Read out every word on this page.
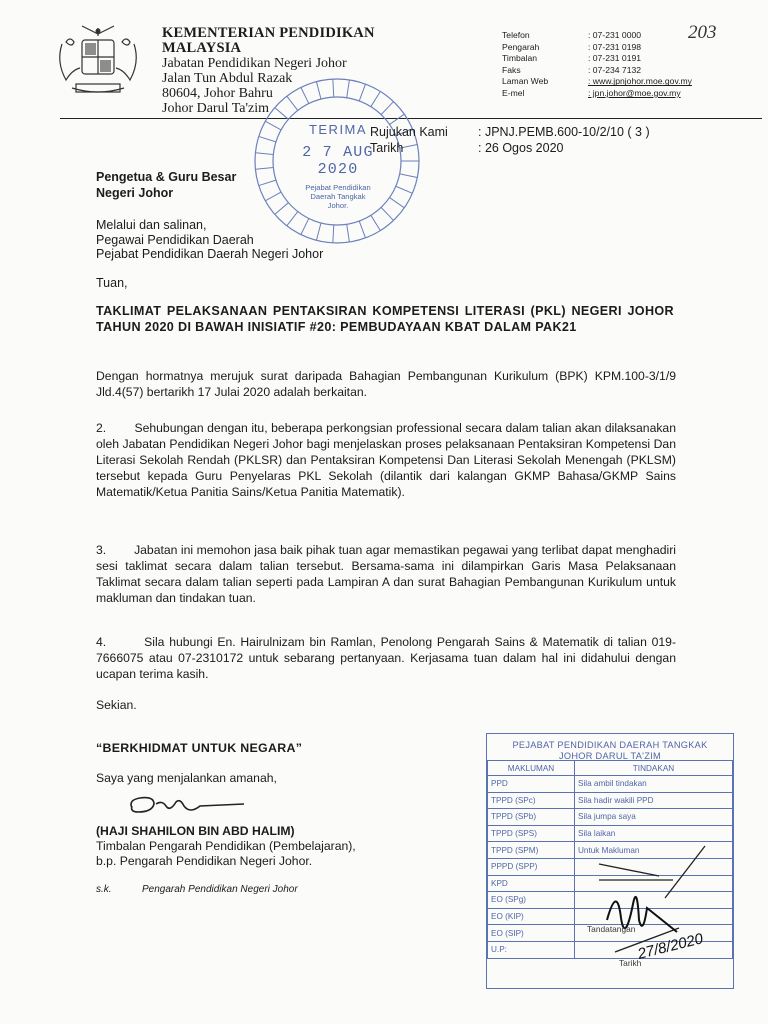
KEMENTERIAN PENDIDIKAN
MALAYSIA
Jabatan Pendidikan Negeri Johor
Jalan Tun Abdul Razak
80604, Johor Bahru
Johor Darul Ta'zim
Telefon	: 07-231 0000
Pengarah	: 07-231 0198
Timbalan	: 07-231 0191
Faks	: 07-234 7132
Laman Web	: www.jpnjohor.moe.gov.my
E-mel	: jpn.johor@moe.gov.my
203
TERIMA
2 7 AUG 2020
Pejabat Pendidikan
Daerah Tangkak
Johor.
Rujukan Kami	: JPNJ.PEMB.600-10/2/10 ( 3 )
Tarikh	: 26 Ogos 2020
Pengetua & Guru Besar
Negeri Johor
Melalui dan salinan,
Pegawai Pendidikan Daerah
Pejabat Pendidikan Daerah Negeri Johor
Tuan,
TAKLIMAT PELAKSANAAN PENTAKSIRAN KOMPETENSI LITERASI (PKL) NEGERI JOHOR TAHUN 2020 DI BAWAH INISIATIF #20: PEMBUDAYAAN KBAT DALAM PAK21
Dengan hormatnya merujuk surat daripada Bahagian Pembangunan Kurikulum (BPK) KPM.100-3/1/9 Jld.4(57) bertarikh 17 Julai 2020 adalah berkaitan.
2. Sehubungan dengan itu, beberapa perkongsian professional secara dalam talian akan dilaksanakan oleh Jabatan Pendidikan Negeri Johor bagi menjelaskan proses pelaksanaan Pentaksiran Kompetensi Dan Literasi Sekolah Rendah (PKLSR) dan Pentaksiran Kompetensi Dan Literasi Sekolah Menengah (PKLSM) tersebut kepada Guru Penyelaras PKL Sekolah (dilantik dari kalangan GKMP Bahasa/GKMP Sains Matematik/Ketua Panitia Sains/Ketua Panitia Matematik).
3. Jabatan ini memohon jasa baik pihak tuan agar memastikan pegawai yang terlibat dapat menghadiri sesi taklimat secara dalam talian tersebut. Bersama-sama ini dilampirkan Garis Masa Pelaksanaan Taklimat secara dalam talian seperti pada Lampiran A dan surat Bahagian Pembangunan Kurikulum untuk makluman dan tindakan tuan.
4.	Sila hubungi En. Hairulnizam bin Ramlan, Penolong Pengarah Sains & Matematik di talian 019-7666075 atau 07-2310172 untuk sebarang pertanyaan. Kerjasama tuan dalam hal ini didahului dengan ucapan terima kasih.
Sekian.
“BERKHIDMAT UNTUK NEGARA”
Saya yang menjalankan amanah,
(HAJI SHAHILON BIN ABD HALIM)
Timbalan Pengarah Pendidikan (Pembelajaran),
b.p. Pengarah Pendidikan Negeri Johor.
s.k.	Pengarah Pendidikan Negeri Johor
PEJABAT PENDIDIKAN DAERAH TANGKAK
JOHOR DARUL TA'ZIM
MAKLUMAN	TINDAKAN
PPD	Sila ambil tindakan
TPPD (SPc)	Sila hadir wakili PPD
TPPD (SPb)	Sila jumpa saya
TPPD (SPS)	Sila laikan
TPPD (SPM)	Untuk Makluman
PPPD (SPP)	
KPD	
EO (SPg)	
EO (KIP)	
EO (SIP)	
U.P:	
Tandatangan
Tarikh
27/8/2020
